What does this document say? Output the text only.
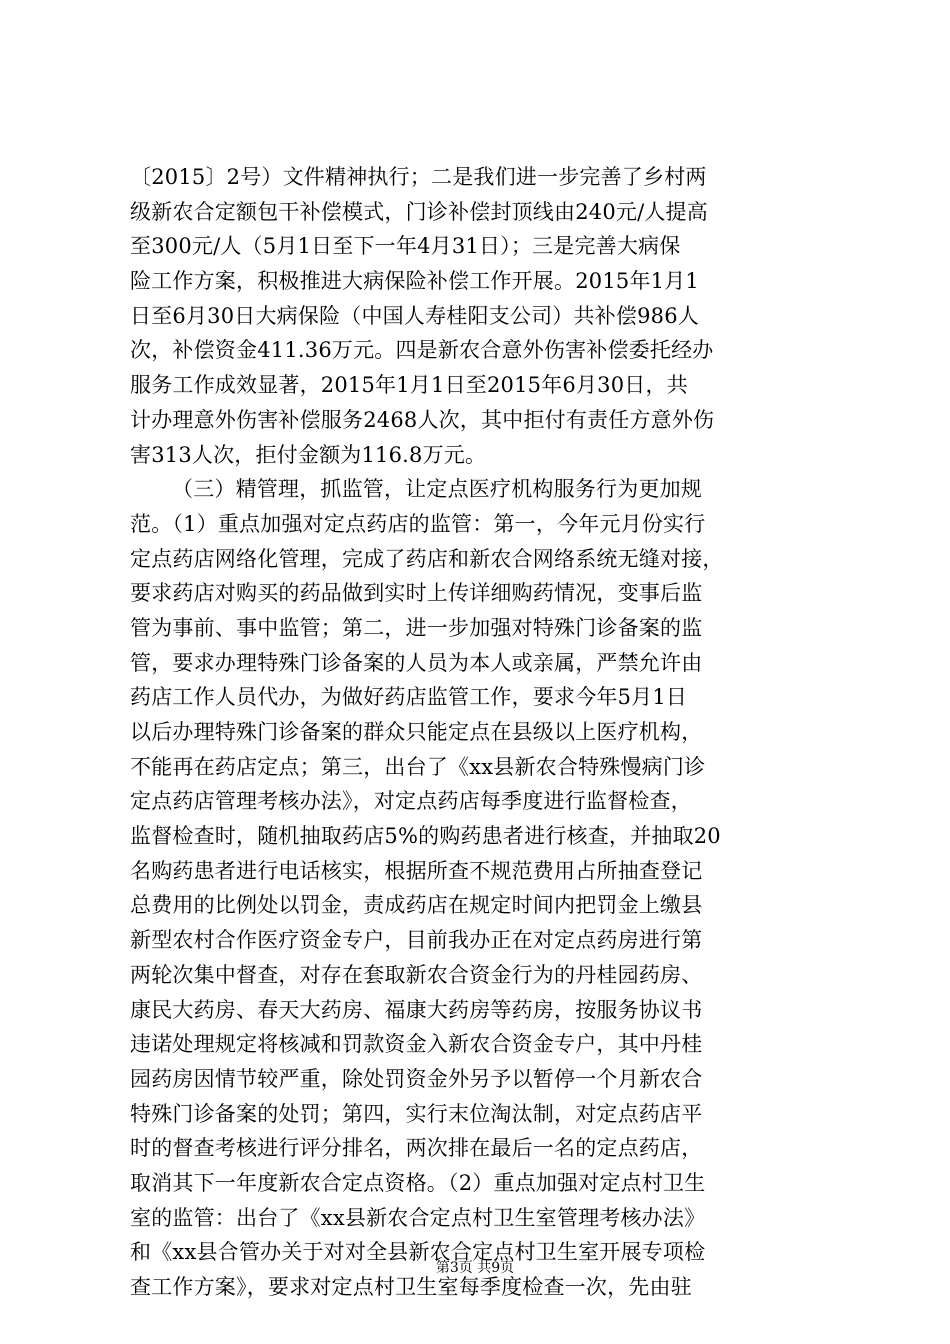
〔2015〕2号）文件精神执行；二是我们进一步完善了乡村两
级新农合定额包干补偿模式，门诊补偿封顶线由240元/人提高
至300元/人（5月1日至下一年4月31日）；三是完善大病保
险工作方案，积极推进大病保险补偿工作开展。2015年1月1
日至6月30日大病保险（中国人寿桂阳支公司）共补偿986人
次，补偿资金411.36万元。四是新农合意外伤害补偿委托经办
服务工作成效显著，2015年1月1日至2015年6月30日，共
计办理意外伤害补偿服务2468人次，其中拒付有责任方意外伤
害313人次，拒付金额为116.8万元。
（三）精管理，抓监管，让定点医疗机构服务行为更加规
范。（1）重点加强对定点药店的监管：第一，今年元月份实行
定点药店网络化管理，完成了药店和新农合网络系统无缝对接，
要求药店对购买的药品做到实时上传详细购药情况，变事后监
管为事前、事中监管；第二，进一步加强对特殊门诊备案的监
管，要求办理特殊门诊备案的人员为本人或亲属，严禁允许由
药店工作人员代办，为做好药店监管工作，要求今年5月1日
以后办理特殊门诊备案的群众只能定点在县级以上医疗机构，
不能再在药店定点；第三，出台了《xx县新农合特殊慢病门诊
定点药店管理考核办法》，对定点药店每季度进行监督检查，
监督检查时，随机抽取药店5%的购药患者进行核查，并抽取20
名购药患者进行电话核实，根据所查不规范费用占所抽查登记
总费用的比例处以罚金，责成药店在规定时间内把罚金上缴县
新型农村合作医疗资金专户，目前我办正在对定点药房进行第
两轮次集中督查，对存在套取新农合资金行为的丹桂园药房、
康民大药房、春天大药房、福康大药房等药房，按服务协议书
违诺处理规定将核减和罚款资金入新农合资金专户，其中丹桂
园药房因情节较严重，除处罚资金外另予以暂停一个月新农合
特殊门诊备案的处罚；第四，实行末位淘汰制，对定点药店平
时的督查考核进行评分排名，两次排在最后一名的定点药店，
取消其下一年度新农合定点资格。（2）重点加强对定点村卫生
室的监管：出台了《xx县新农合定点村卫生室管理考核办法》
和《xx县合管办关于对对全县新农合定点村卫生室开展专项检
查工作方案》，要求对定点村卫生室每季度检查一次，先由驻
第3页 共9页
